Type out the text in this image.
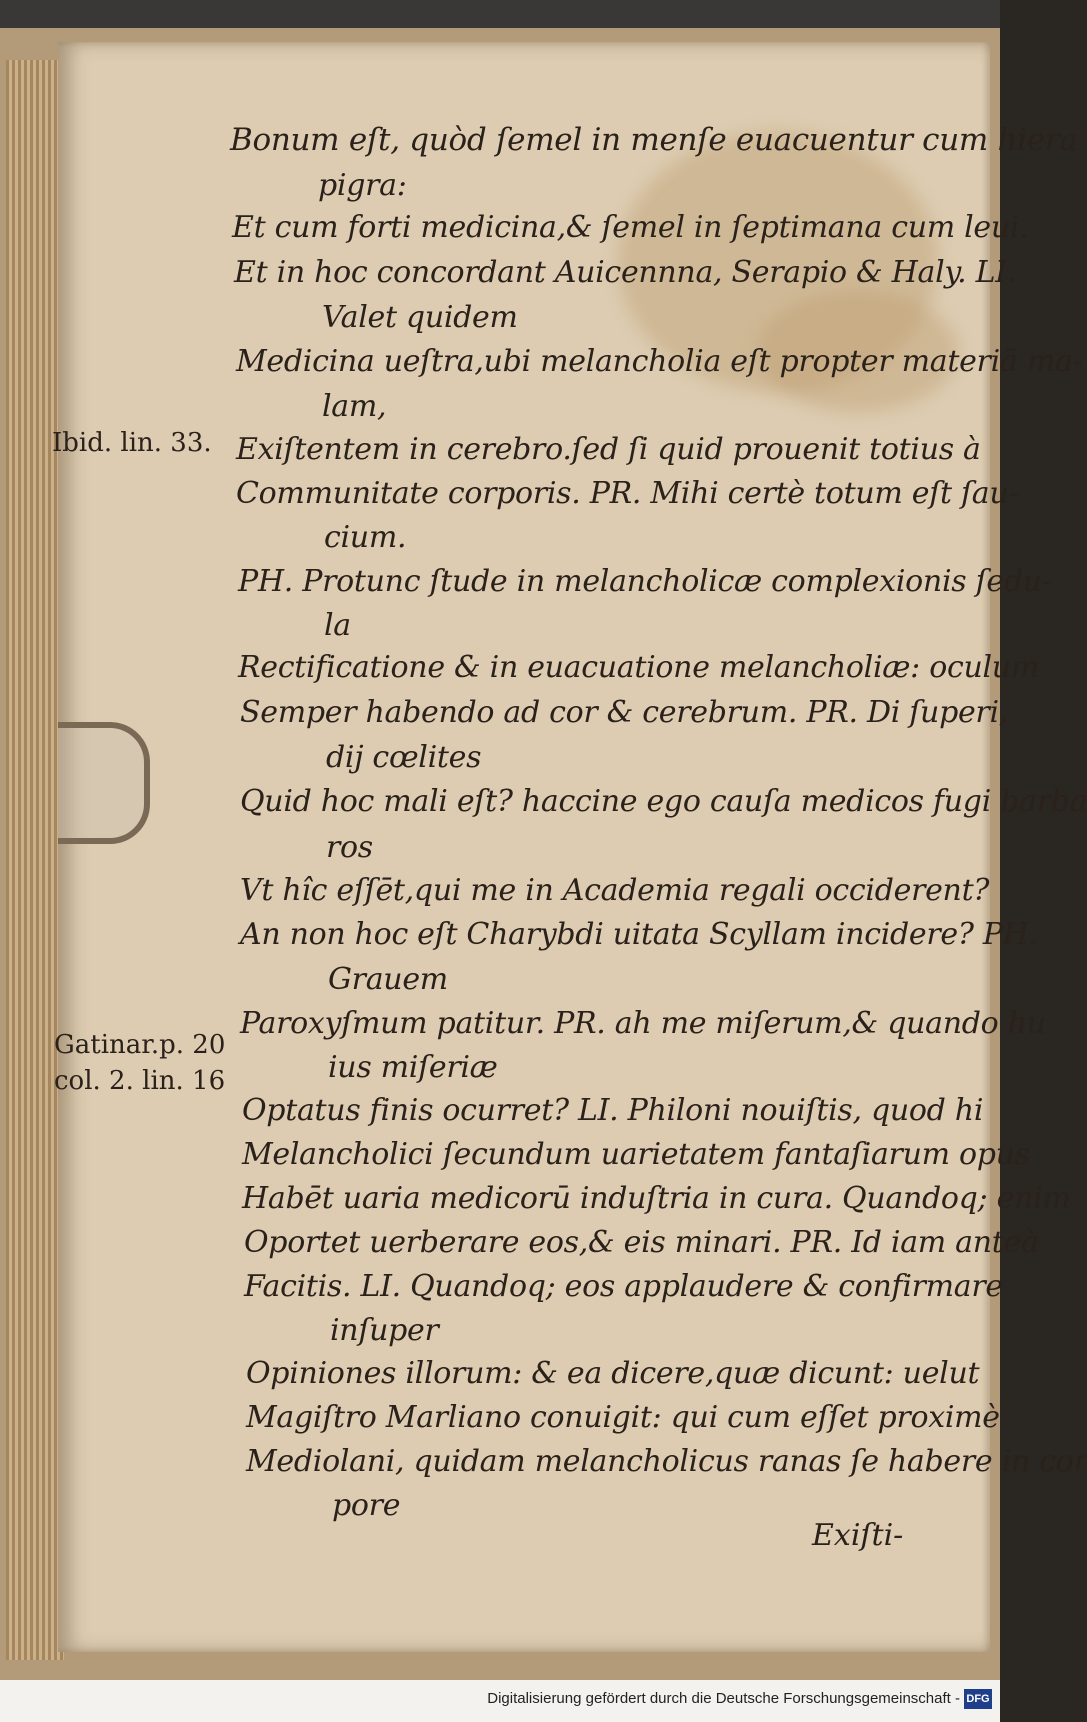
Bonum eſt, quòd ſemel in menſe euacuentur cum hiera
pigra:
Et cum forti medicina,& ſemel in ſeptimana cum leui.
Et in hoc concordant Auicennna, Serapio & Haly. LI.
Valet quidem
Medicina ueſtra,ubi melancholia eſt propter materiā ma-
lam,
Exiſtentem in cerebro.ſed ſi quid prouenit totius à
Communitate corporis. PR. Mihi certè totum eſt ſau-
cium.
PH. Protunc ſtude in melancholicæ complexionis ſedu-
la
Rectificatione & in euacuatione melancholiæ: oculum
Semper habendo ad cor & cerebrum. PR. Di ſuperi,
dij cœlites
Quid hoc mali eſt? haccine ego cauſa medicos fugi barba
ros
Vt hîc eſſēt,qui me in Academia regali occiderent?
An non hoc eſt Charybdi uitata Scyllam incidere? PH.
Grauem
Paroxyſmum patitur. PR. ah me miſerum,& quando hu
ius miſeriæ
Optatus finis ocurret? LI. Philoni nouiſtis, quod hi
Melancholici ſecundum uarietatem fantaſiarum opus
Habēt uaria medicorū induſtria in cura. Quandoq; enim
Oportet uerberare eos,& eis minari. PR. Id iam anteà
Facitis. LI. Quandoq; eos applaudere & confirmare
inſuper
Opiniones illorum: & ea dicere,quæ dicunt: uelut
Magiſtro Marliano conuigit: qui cum eſſet proximè
Mediolani, quidam melancholicus ranas ſe habere in cor
pore
Ibid. lin. 33.
Gatinar.p. 20
col. 2. lin. 16
Exiſti-
Digitalisierung gefördert durch die Deutsche Forschungsgemeinschaft - DFG
